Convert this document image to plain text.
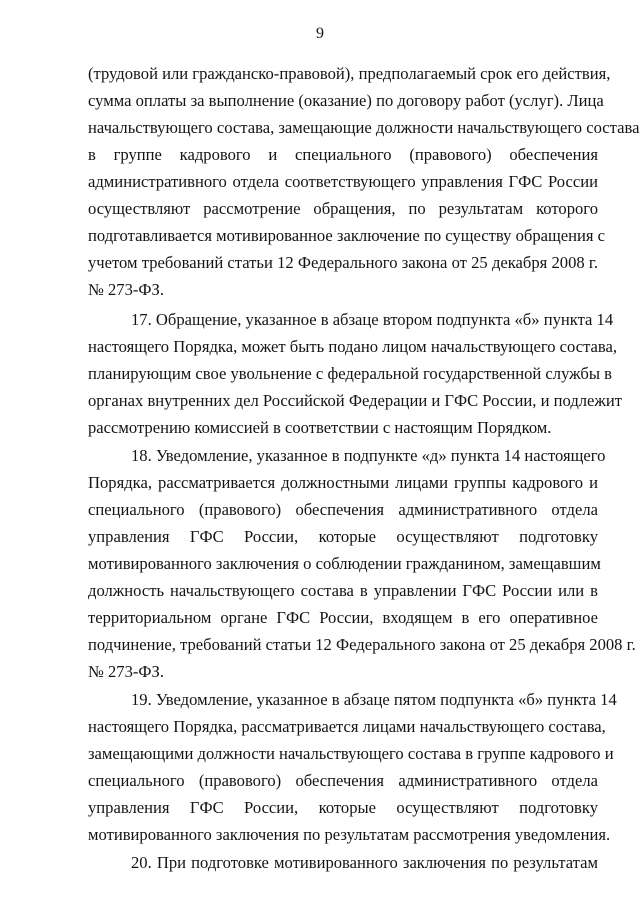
9
(трудовой или гражданско-правовой), предполагаемый срок его действия,
сумма оплаты за выполнение (оказание) по договору работ (услуг). Лица
начальствующего состава, замещающие должности начальствующего состава
в группе кадрового и специального (правового) обеспечения
административного отдела соответствующего управления ГФС России
осуществляют рассмотрение обращения, по результатам которого
подготавливается мотивированное заключение по существу обращения с
учетом требований статьи 12 Федерального закона от 25 декабря 2008 г.
№ 273-ФЗ.
17. Обращение, указанное в абзаце втором подпункта «б» пункта 14
настоящего Порядка, может быть подано лицом начальствующего состава,
планирующим свое увольнение с федеральной государственной службы в
органах внутренних дел Российской Федерации и ГФС России, и подлежит
рассмотрению комиссией в соответствии с настоящим Порядком.
18. Уведомление, указанное в подпункте «д» пункта 14 настоящего
Порядка, рассматривается должностными лицами группы кадрового и
специального (правового) обеспечения административного отдела
управления ГФС России, которые осуществляют подготовку
мотивированного заключения о соблюдении гражданином, замещавшим
должность начальствующего состава в управлении ГФС России или в
территориальном органе ГФС России, входящем в его оперативное
подчинение, требований статьи 12 Федерального закона от 25 декабря 2008 г.
№ 273-ФЗ.
19. Уведомление, указанное в абзаце пятом подпункта «б» пункта 14
настоящего Порядка, рассматривается лицами начальствующего состава,
замещающими должности начальствующего состава в группе кадрового и
специального (правового) обеспечения административного отдела
управления ГФС России, которые осуществляют подготовку
мотивированного заключения по результатам рассмотрения уведомления.
20. При подготовке мотивированного заключения по результатам
